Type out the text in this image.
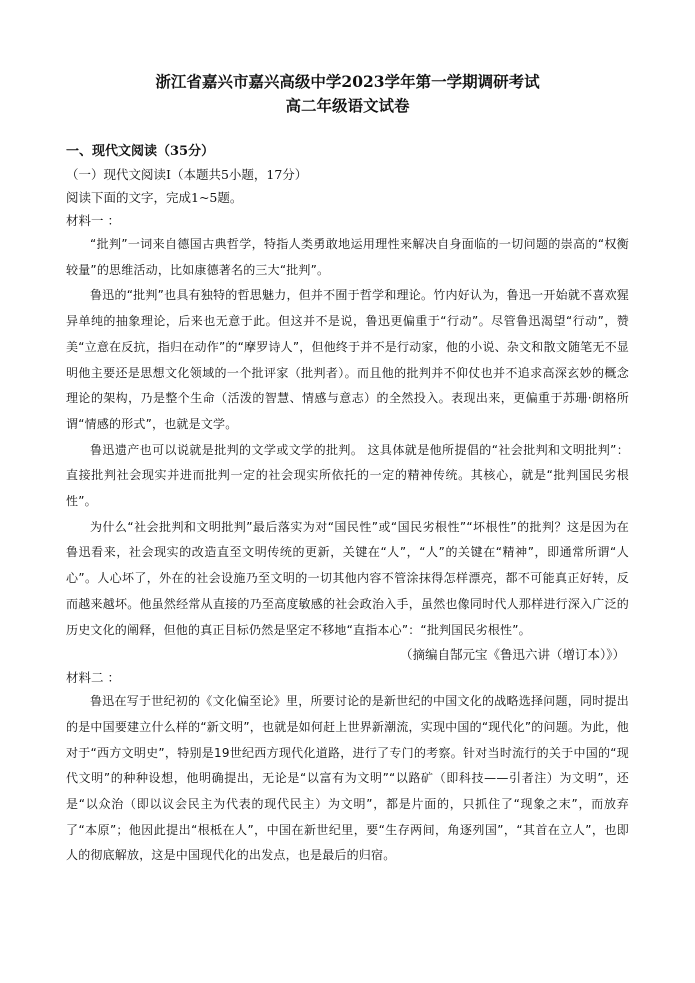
浙江省嘉兴市嘉兴高级中学2023学年第一学期调研考试

高二年级语文试卷

一、现代文阅读（35分）

（一）现代文阅读Ⅰ（本题共5小题，17分）

阅读下面的文字，完成1~5题。

材料一 ：

“批判”一词来自德国古典哲学，特指人类勇敢地运用理性来解决自身面临的一切问题的崇高的“权衡较量”的思维活动，比如康德著名的三大“批判”。

鲁迅的“批判”也具有独特的哲思魅力，但并不囿于哲学和理论。竹内好认为，鲁迅一开始就不喜欢猩异单纯的抽象理论，后来也无意于此。但这并不是说，鲁迅更偏重于“行动”。尽管鲁迅渴望“行动”，赞美“立意在反抗，指归在动作”的“摩罗诗人”，但他终于并不是行动家，他的小说、杂文和散文随笔无不显明他主要还是思想文化领域的一个批评家（批判者）。而且他的批判并不仰仗也并不追求高深玄妙的概念理论的架构，乃是整个生命（活泼的智慧、情感与意志）的全然投入。表现出来，更偏重于苏珊·朗格所谓“情感的形式”，也就是文学。

鲁迅遗产也可以说就是批判的文学或文学的批判。 这具体就是他所提倡的“社会批判和文明批判”：直接批判社会现实并进而批判一定的社会现实所依托的一定的精神传统。其核心，就是“批判国民劣根性”。

为什么“社会批判和文明批判”最后落实为对“国民性”或“国民劣根性”“坏根性”的批判？这是因为在鲁迅看来，社会现实的改造直至文明传统的更新，关键在“人”，“人”的关键在“精神”，即通常所谓“人心”。人心坏了，外在的社会设施乃至文明的一切其他内容不管涂抹得怎样漂亮，都不可能真正好转，反而越来越坏。他虽然经常从直接的乃至高度敏感的社会政治入手，虽然也像同时代人那样进行深入广泛的历史文化的阐释，但他的真正目标仍然是坚定不移地“直指本心”：“批判国民劣根性”。

（摘编自郜元宝《鲁迅六讲（增订本）》）

材料二 ：

鲁迅在写于世纪初的《文化偏至论》里，所要讨论的是新世纪的中国文化的战略选择问题，同时提出的是中国要建立什么样的“新文明”，也就是如何赶上世界新潮流，实现中国的“现代化”的问题。为此，他对于“西方文明史”，特别是19世纪西方现代化道路，进行了专门的考察。针对当时流行的关于中国的“现代文明”的种种设想，他明确提出，无论是“以富有为文明”“以路矿（即科技——引者注）为文明”，还是“以众治（即以议会民主为代表的现代民主）为文明”，都是片面的，只抓住了“现象之末”，而放弃了“本原”；他因此提出“根柢在人”，中国在新世纪里，要“生存两间，角逐列国”，“其首在立人”，也即人的彻底解放，这是中国现代化的出发点，也是最后的归宿。
